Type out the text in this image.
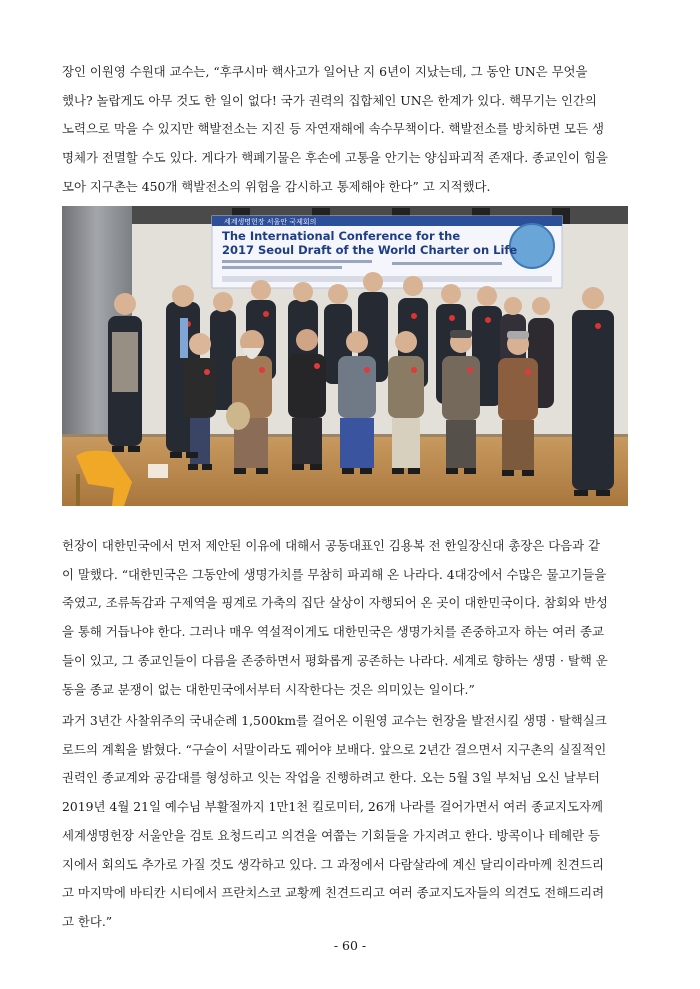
장인 이원영 수원대 교수는, “후쿠시마 핵사고가 일어난 지 6년이 지났는데, 그 동안 UN은 무엇을
했나? 놀랍게도 아무 것도 한 일이 없다! 국가 권력의 집합체인 UN은 한계가 있다. 핵무기는 인간의
노력으로 막을 수 있지만 핵발전소는 지진 등 자연재해에 속수무책이다. 핵발전소를 방치하면 모든 생
명체가 전멸할 수도 있다. 게다가 핵폐기물은 후손에 고통을 안기는 양심파괴적 존재다. 종교인이 힘을
모아 지구촌는 450개 핵발전소의 위험을 감시하고 통제해야 한다” 고 지적했다.
세계생명헌장 서울안 국제회의
The International Conference for the
2017 Seoul Draft of the World Charter on Life
헌장이 대한민국에서 먼저 제안된 이유에 대해서 공동대표인 김용복 전 한일장신대 총장은 다음과 같
이 말했다. “대한민국은 그동안에 생명가치를 무참히 파괴해 온 나라다. 4대강에서 수많은 물고기들을
죽였고, 조류독감과 구제역을 핑계로 가축의 집단 살상이 자행되어 온 곳이 대한민국이다. 참회와 반성
을 통해 거듭나야 한다. 그러나 매우 역설적이게도 대한민국은 생명가치를 존중하고자 하는 여러 종교
들이 있고, 그 종교인들이 다름을 존중하면서 평화롭게 공존하는 나라다. 세계로 향하는 생명 · 탈핵 운
동을 종교 분쟁이 없는 대한민국에서부터 시작한다는 것은 의미있는 일이다.”
과거 3년간 사찰위주의 국내순례 1,500km를 걸어온 이원영 교수는 헌장을 발전시킬 생명 · 탈핵실크
로드의 계획을 밝혔다. “구슬이 서말이라도 꿰어야 보배다. 앞으로 2년간 걸으면서 지구촌의 실질적인
권력인 종교계와 공감대를 형성하고 잇는 작업을 진행하려고 한다. 오는 5월 3일 부처님 오신 날부터
2019년 4월 21일 예수님 부활절까지 1만1천 킬로미터, 26개 나라를 걸어가면서 여러 종교지도자께
세계생명헌장 서울안을 검토 요청드리고 의견을 여쭙는 기회들을 가지려고 한다. 방콕이나 테헤란 등
지에서 회의도 추가로 가질 것도 생각하고 있다. 그 과정에서 다람살라에 계신 달리이라마께 친견드리
고 마지막에 바티칸 시티에서 프란치스코 교황께 친견드리고 여러 종교지도자들의 의견도 전해드리려
고 한다.”
- 60 -
